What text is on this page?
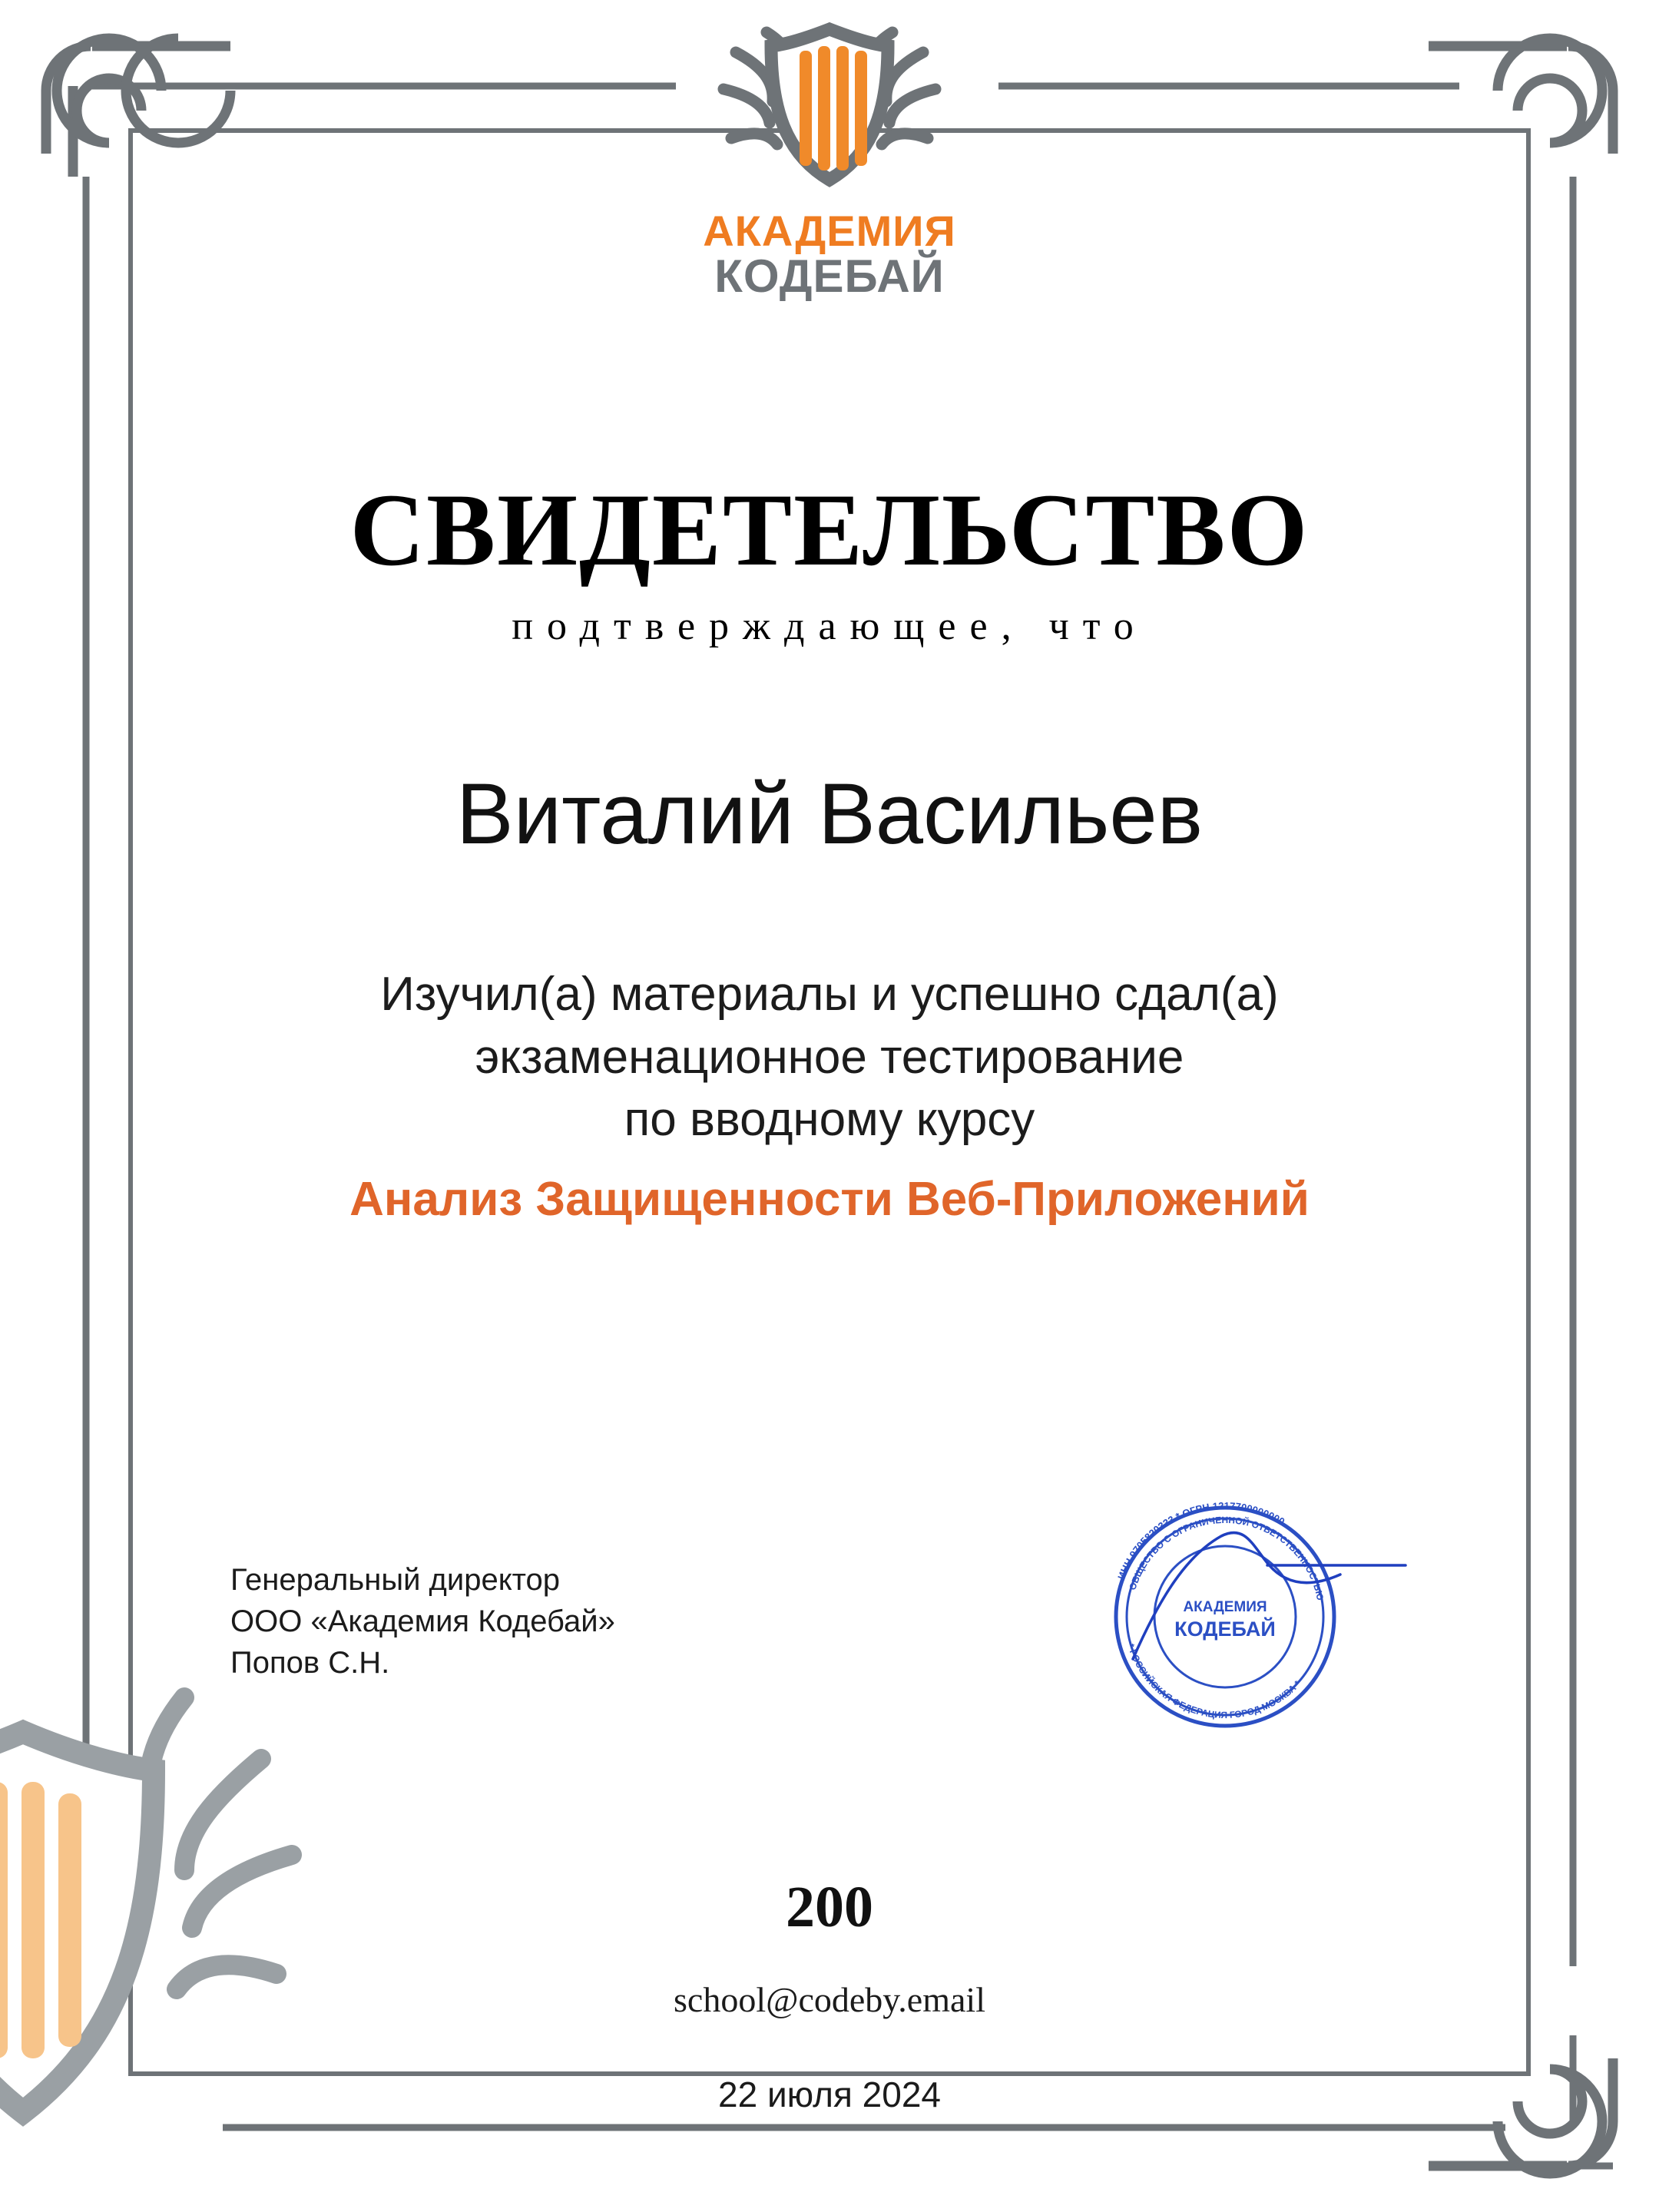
АКАДЕМИЯ
КОДЕБАЙ
СВИДЕТЕЛЬСТВО
подтверждающее, что
Виталий Васильев
Изучил(а) материалы и успешно сдал(а)
экзаменационное тестирование
по вводному курсу
Анализ Защищенности Веб-Приложений
Генеральный директор
ООО «Академия Кодебай»
Попов С.Н.
ИНН 9705820333 * ОГРН 1217700000000
ОБЩЕСТВО С ОГРАНИЧЕННОЙ ОТВЕТСТВЕННОСТЬЮ
* РОССИЙСКАЯ ФЕДЕРАЦИЯ ГОРОД МОСКВА *
АКАДЕМИЯ
КОДЕБАЙ
200
school@codeby.email
22 июля 2024
